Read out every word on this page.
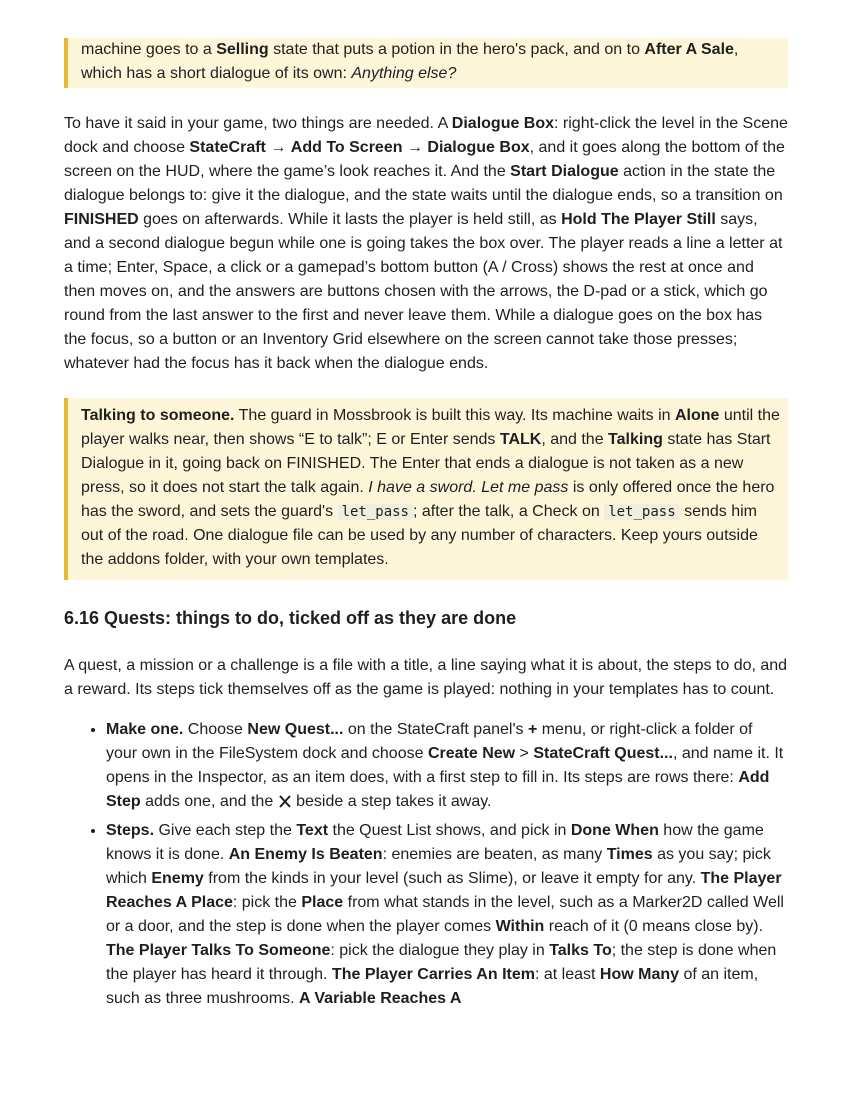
machine goes to a Selling state that puts a potion in the hero's pack, and on to After A Sale,
which has a short dialogue of its own: Anything else?

To have it said in your game, two things are needed. A Dialogue Box: right-click the level in the Scene dock and choose StateCraft → Add To Screen → Dialogue Box, and it goes along the bottom of the screen on the HUD, where the game’s look reaches it. And the Start Dialogue action in the state the dialogue belongs to: give it the dialogue, and the state waits until the dialogue ends, so a transition on FINISHED goes on afterwards. While it lasts the player is held still, as Hold The Player Still says, and a second dialogue begun while one is going takes the box over. The player reads a line a letter at a time; Enter, Space, a click or a gamepad’s bottom button (A / Cross) shows the rest at once and then moves on, and the answers are buttons chosen with the arrows, the D-pad or a stick, which go round from the last answer to the first and never leave them. While a dialogue goes on the box has the focus, so a button or an Inventory Grid elsewhere on the screen cannot take those presses; whatever had the focus has it back when the dialogue ends.

Talking to someone. The guard in Mossbrook is built this way. Its machine waits in Alone until the player walks near, then shows “E to talk”; E or Enter sends TALK, and the Talking state has Start Dialogue in it, going back on FINISHED. The Enter that ends a dialogue is not taken as a new press, so it does not start the talk again. I have a sword. Let me pass is only offered once the hero has the sword, and sets the guard's let_pass ; after the talk, a Check on let_pass sends him out of the road. One dialogue file can be used by any number of characters. Keep yours outside the addons folder, with your own templates.

6.16 Quests: things to do, ticked off as they are done

A quest, a mission or a challenge is a file with a title, a line saying what it is about, the steps to do, and a reward. Its steps tick themselves off as the game is played: nothing in your templates has to count.

• Make one. Choose New Quest... on the StateCraft panel's + menu, or right-click a folder of your own in the FileSystem dock and choose Create New > StateCraft Quest..., and name it. It opens in the Inspector, as an item does, with a first step to fill in. Its steps are rows there: Add Step adds one, and the  beside a step takes it away.
• Steps. Give each step the Text the Quest List shows, and pick in Done When how the game knows it is done. An Enemy Is Beaten: enemies are beaten, as many Times as you say; pick which Enemy from the kinds in your level (such as Slime), or leave it empty for any. The Player Reaches A Place: pick the Place from what stands in the level, such as a Marker2D called Well or a door, and the step is done when the player comes Within reach of it (0 means close by). The Player Talks To Someone: pick the dialogue they play in Talks To; the step is done when the player has heard it through. The Player Carries An Item: at least How Many of an item, such as three mushrooms. A Variable Reaches A
